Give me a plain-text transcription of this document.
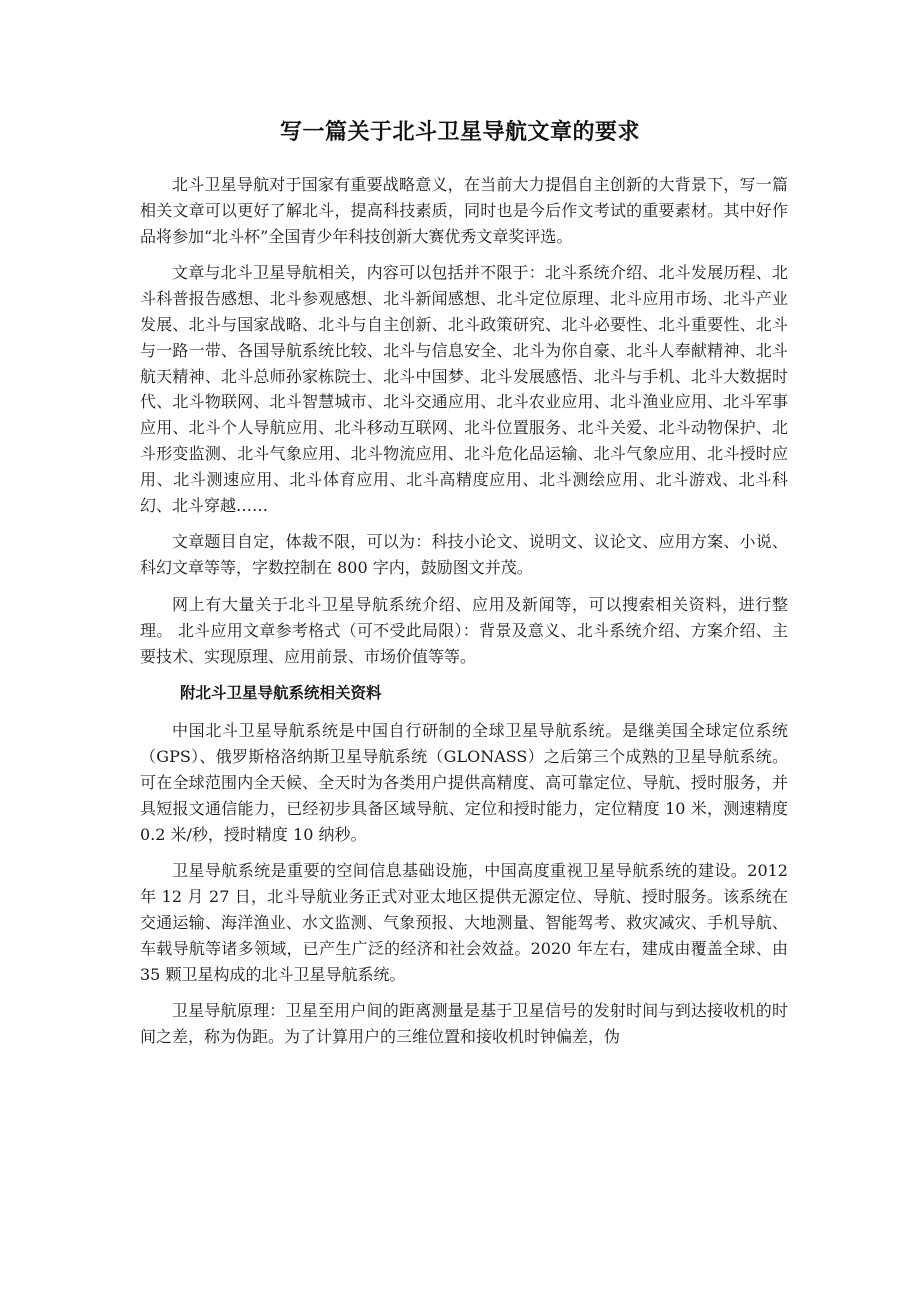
写一篇关于北斗卫星导航文章的要求

北斗卫星导航对于国家有重要战略意义，在当前大力提倡自主创新的大背景下，写一篇相关文章可以更好了解北斗，提高科技素质，同时也是今后作文考试的重要素材。其中好作品将参加“北斗杯”全国青少年科技创新大赛优秀文章奖评选。

文章与北斗卫星导航相关，内容可以包括并不限于：北斗系统介绍、北斗发展历程、北斗科普报告感想、北斗参观感想、北斗新闻感想、北斗定位原理、北斗应用市场、北斗产业发展、北斗与国家战略、北斗与自主创新、北斗政策研究、北斗必要性、北斗重要性、北斗与一路一带、各国导航系统比较、北斗与信息安全、北斗为你自豪、北斗人奉献精神、北斗航天精神、北斗总师孙家栋院士、北斗中国梦、北斗发展感悟、北斗与手机、北斗大数据时代、北斗物联网、北斗智慧城市、北斗交通应用、北斗农业应用、北斗渔业应用、北斗军事应用、北斗个人导航应用、北斗移动互联网、北斗位置服务、北斗关爱、北斗动物保护、北斗形变监测、北斗气象应用、北斗物流应用、北斗危化品运输、北斗气象应用、北斗授时应用、北斗测速应用、北斗体育应用、北斗高精度应用、北斗测绘应用、北斗游戏、北斗科幻、北斗穿越……

文章题目自定，体裁不限，可以为：科技小论文、说明文、议论文、应用方案、小说、科幻文章等等，字数控制在 800 字内，鼓励图文并茂。

网上有大量关于北斗卫星导航系统介绍、应用及新闻等，可以搜索相关资料，进行整理。 北斗应用文章参考格式（可不受此局限）：背景及意义、北斗系统介绍、方案介绍、主要技术、实现原理、应用前景、市场价值等等。

附北斗卫星导航系统相关资料

中国北斗卫星导航系统是中国自行研制的全球卫星导航系统。是继美国全球定位系统（GPS）、俄罗斯格洛纳斯卫星导航系统（GLONASS）之后第三个成熟的卫星导航系统。可在全球范围内全天候、全天时为各类用户提供高精度、高可靠定位、导航、授时服务，并具短报文通信能力，已经初步具备区域导航、定位和授时能力，定位精度 10 米，测速精度 0.2 米/秒，授时精度 10 纳秒。

卫星导航系统是重要的空间信息基础设施，中国高度重视卫星导航系统的建设。2012 年 12 月 27 日，北斗导航业务正式对亚太地区提供无源定位、导航、授时服务。该系统在交通运输、海洋渔业、水文监测、气象预报、大地测量、智能驾考、救灾减灾、手机导航、车载导航等诸多领域，已产生广泛的经济和社会效益。2020 年左右，建成由覆盖全球、由 35 颗卫星构成的北斗卫星导航系统。

卫星导航原理：卫星至用户间的距离测量是基于卫星信号的发射时间与到达接收机的时间之差，称为伪距。为了计算用户的三维位置和接收机时钟偏差，伪
